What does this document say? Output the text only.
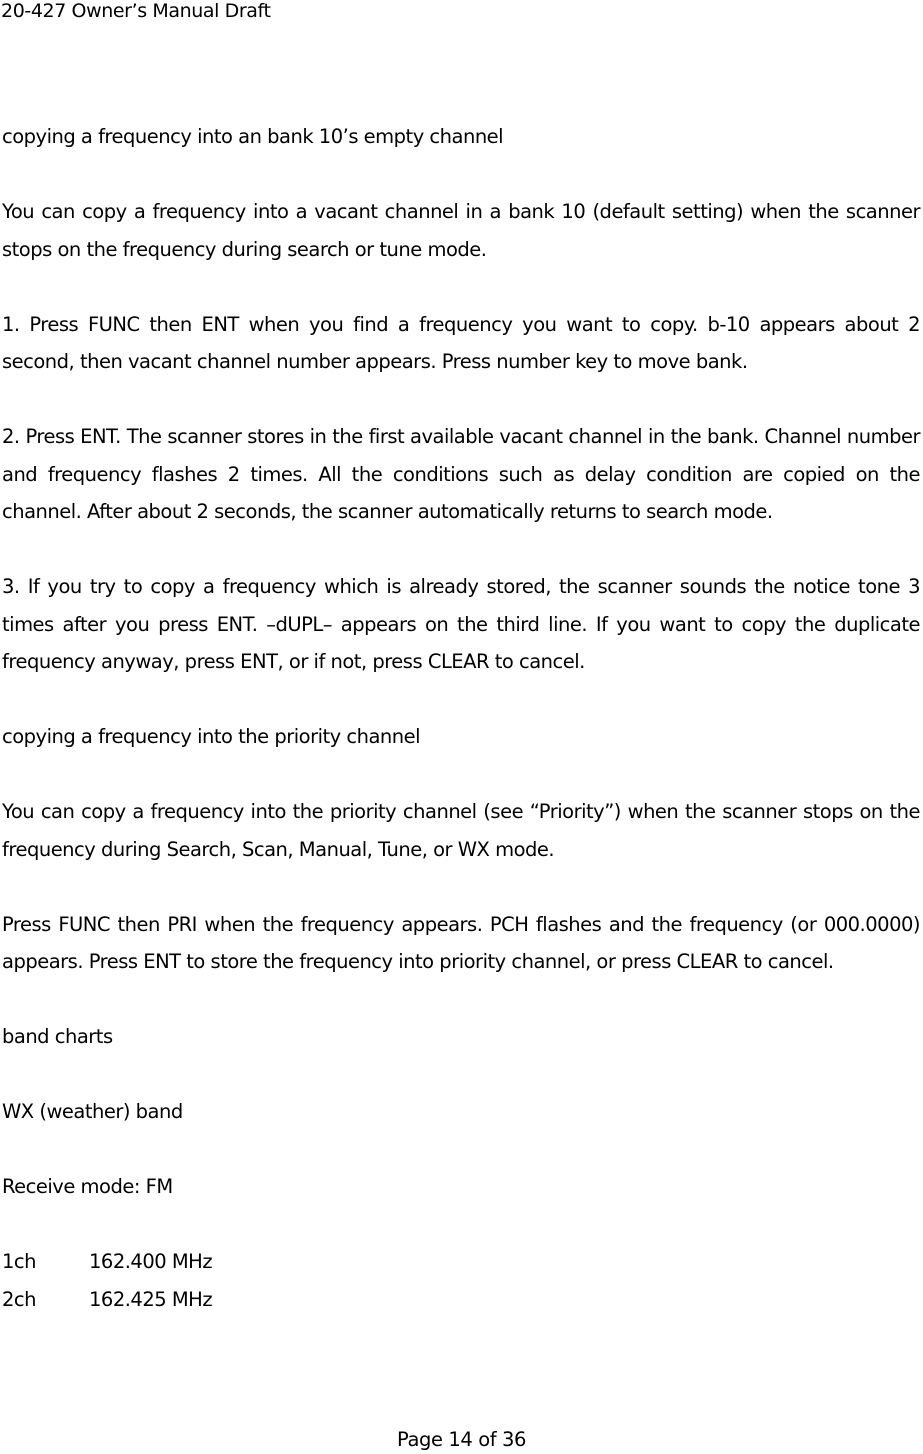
20-427 Owner’s Manual Draft
copying a frequency into an bank 10’s empty channel
You can copy a frequency into a vacant channel in a bank 10 (default setting) when the scanner stops on the frequency during search or tune mode.
1. Press FUNC then ENT when you find a frequency you want to copy. b-10 appears about 2 second, then vacant channel number appears. Press number key to move bank.
2. Press ENT. The scanner stores in the first available vacant channel in the bank. Channel number and frequency flashes 2 times. All the conditions such as delay condition are copied on the channel. After about 2 seconds, the scanner automatically returns to search mode.
3. If you try to copy a frequency which is already stored, the scanner sounds the notice tone 3 times after you press ENT. –dUPL– appears on the third line. If you want to copy the duplicate frequency anyway, press ENT, or if not, press CLEAR to cancel.
copying a frequency into the priority channel
You can copy a frequency into the priority channel (see “Priority”) when the scanner stops on the frequency during Search, Scan, Manual, Tune, or WX mode.
Press FUNC then PRI when the frequency appears. PCH flashes and the frequency (or 000.0000) appears. Press ENT to store the frequency into priority channel, or press CLEAR to cancel.
band charts
WX (weather) band
Receive mode: FM
1ch	162.400 MHz
2ch	162.425 MHz
Page 14 of 36
